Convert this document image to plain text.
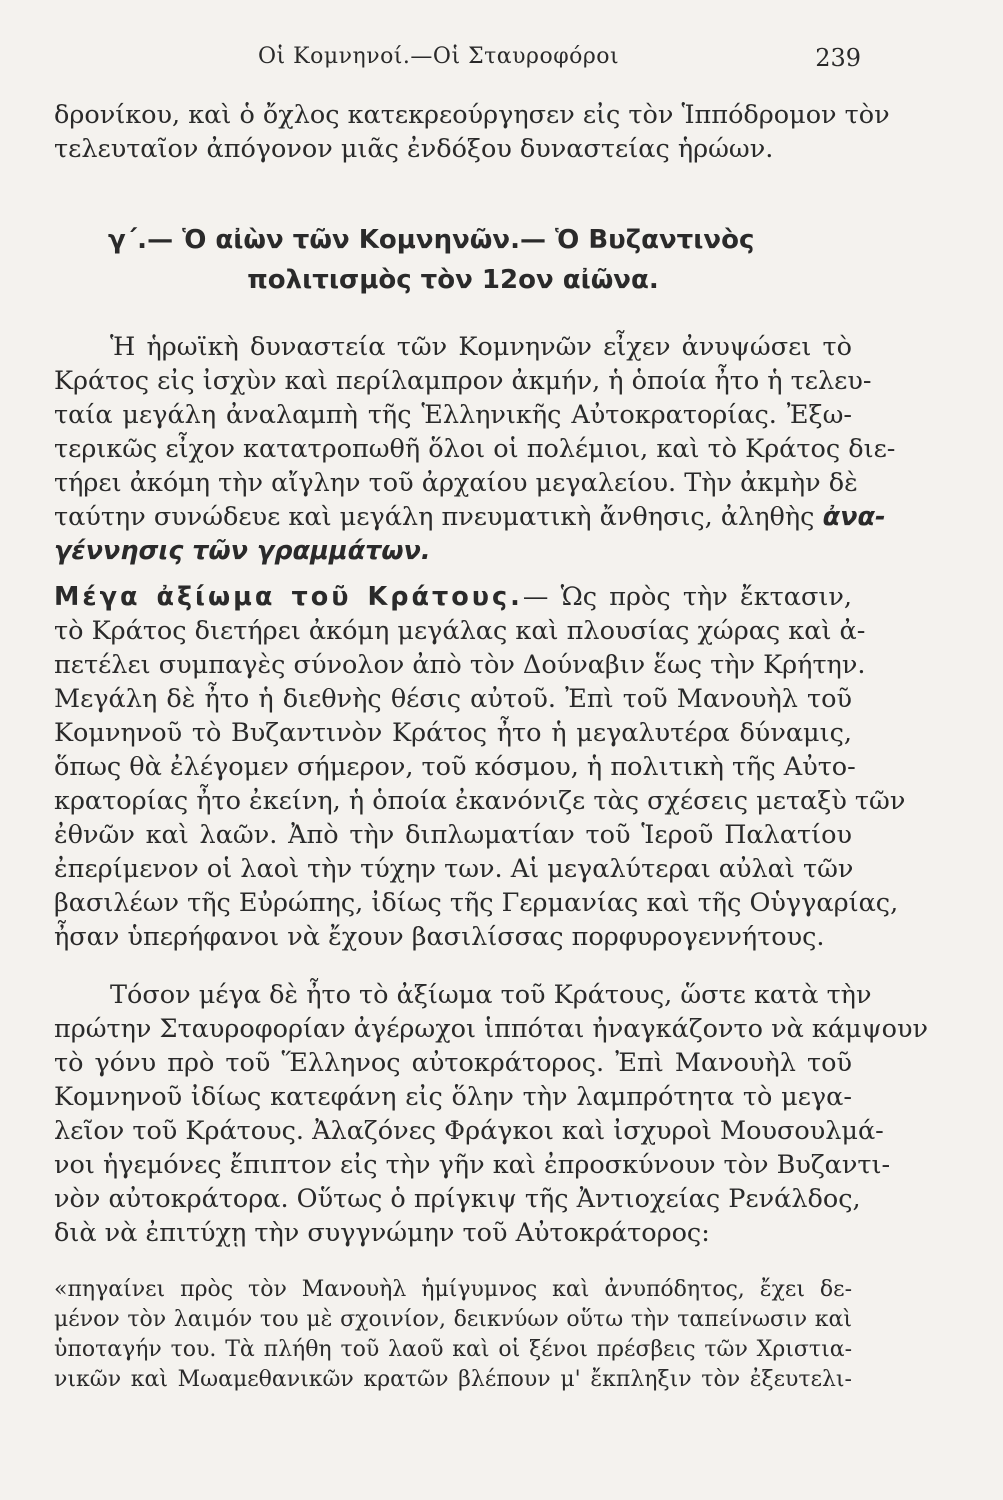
Οἱ Κομνηνοί.—Οἱ Σταυροφόροι	239
δρονίκου, καὶ ὁ ὄχλος κατεκρεούργησεν εἰς τὸν Ἱππόδρομον τὸν
τελευταῖον ἀπόγονον μιᾶς ἐνδόξου δυναστείας ἡρώων.
γ΄.— Ὁ αἰὼν τῶν Κομνηνῶν.— Ὁ Βυζαντινὸς
πολιτισμὸς τὸν 12ον αἰῶνα.
Ἡ ἡρωϊκὴ δυναστεία τῶν Κομνηνῶν εἶχεν ἀνυψώσει τὸ
Κράτος εἰς ἰσχὺν καὶ περίλαμπρον ἀκμήν, ἡ ὁποία ἦτο ἡ τελευ-
ταία μεγάλη ἀναλαμπὴ τῆς Ἑλληνικῆς Αὐτοκρατορίας. Ἐξω-
τερικῶς εἶχον κατατροπωθῆ ὅλοι οἱ πολέμιοι, καὶ τὸ Κράτος διε-
τήρει ἀκόμη τὴν αἴγλην τοῦ ἀρχαίου μεγαλείου. Τὴν ἀκμὴν δὲ
ταύτην συνώδευε καὶ μεγάλη πνευματικὴ ἄνθησις, ἀληθὴς ἀνα-
γέννησις τῶν γραμμάτων.
Μέγα ἀξίωμα τοῦ Κράτους.— Ὡς πρὸς τὴν ἔκτασιν,
τὸ Κράτος διετήρει ἀκόμη μεγάλας καὶ πλουσίας χώρας καὶ ἀ-
πετέλει συμπαγὲς σύνολον ἀπὸ τὸν Δούναβιν ἕως τὴν Κρήτην.
Μεγάλη δὲ ἦτο ἡ διεθνὴς θέσις αὐτοῦ. Ἐπὶ τοῦ Μανουὴλ τοῦ
Κομνηνοῦ τὸ Βυζαντινὸν Κράτος ἦτο ἡ μεγαλυτέρα δύναμις,
ὅπως θὰ ἐλέγομεν σήμερον, τοῦ κόσμου, ἡ πολιτικὴ τῆς Αὐτο-
κρατορίας ἦτο ἐκείνη, ἡ ὁποία ἐκανόνιζε τὰς σχέσεις μεταξὺ τῶν
ἐθνῶν καὶ λαῶν. Ἀπὸ τὴν διπλωματίαν τοῦ Ἱεροῦ Παλατίου
ἐπερίμενον οἱ λαοὶ τὴν τύχην των. Αἱ μεγαλύτεραι αὐλαὶ τῶν
βασιλέων τῆς Εὐρώπης, ἰδίως τῆς Γερμανίας καὶ τῆς Οὑγγαρίας,
ἦσαν ὑπερήφανοι νὰ ἔχουν βασιλίσσας πορφυρογεννήτους.
Τόσον μέγα δὲ ἦτο τὸ ἀξίωμα τοῦ Κράτους, ὥστε κατὰ τὴν
πρώτην Σταυροφορίαν ἀγέρωχοι ἱππόται ἠναγκάζοντο νὰ κάμψουν
τὸ γόνυ πρὸ τοῦ Ἕλληνος αὐτοκράτορος. Ἐπὶ Μανουὴλ τοῦ
Κομνηνοῦ ἰδίως κατεφάνη εἰς ὅλην τὴν λαμπρότητα τὸ μεγα-
λεῖον τοῦ Κράτους. Ἀλαζόνες Φράγκοι καὶ ἰσχυροὶ Μουσουλμά-
νοι ἡγεμόνες ἔπιπτον εἰς τὴν γῆν καὶ ἐπροσκύνουν τὸν Βυζαντι-
νὸν αὐτοκράτορα. Οὕτως ὁ πρίγκιψ τῆς Ἀντιοχείας Ρενάλδος,
διὰ νὰ ἐπιτύχῃ τὴν συγγνώμην τοῦ Αὐτοκράτορος:
«πηγαίνει πρὸς τὸν Μανουὴλ ἡμίγυμνος καὶ ἀνυπόδητος, ἔχει δε-
μένον τὸν λαιμόν του μὲ σχοινίον, δεικνύων οὕτω τὴν ταπείνωσιν καὶ
ὑποταγήν του. Τὰ πλήθη τοῦ λαοῦ καὶ οἱ ξένοι πρέσβεις τῶν Χριστια-
νικῶν καὶ Μωαμεθανικῶν κρατῶν βλέπουν μ' ἔκπληξιν τὸν ἐξευτελι-
